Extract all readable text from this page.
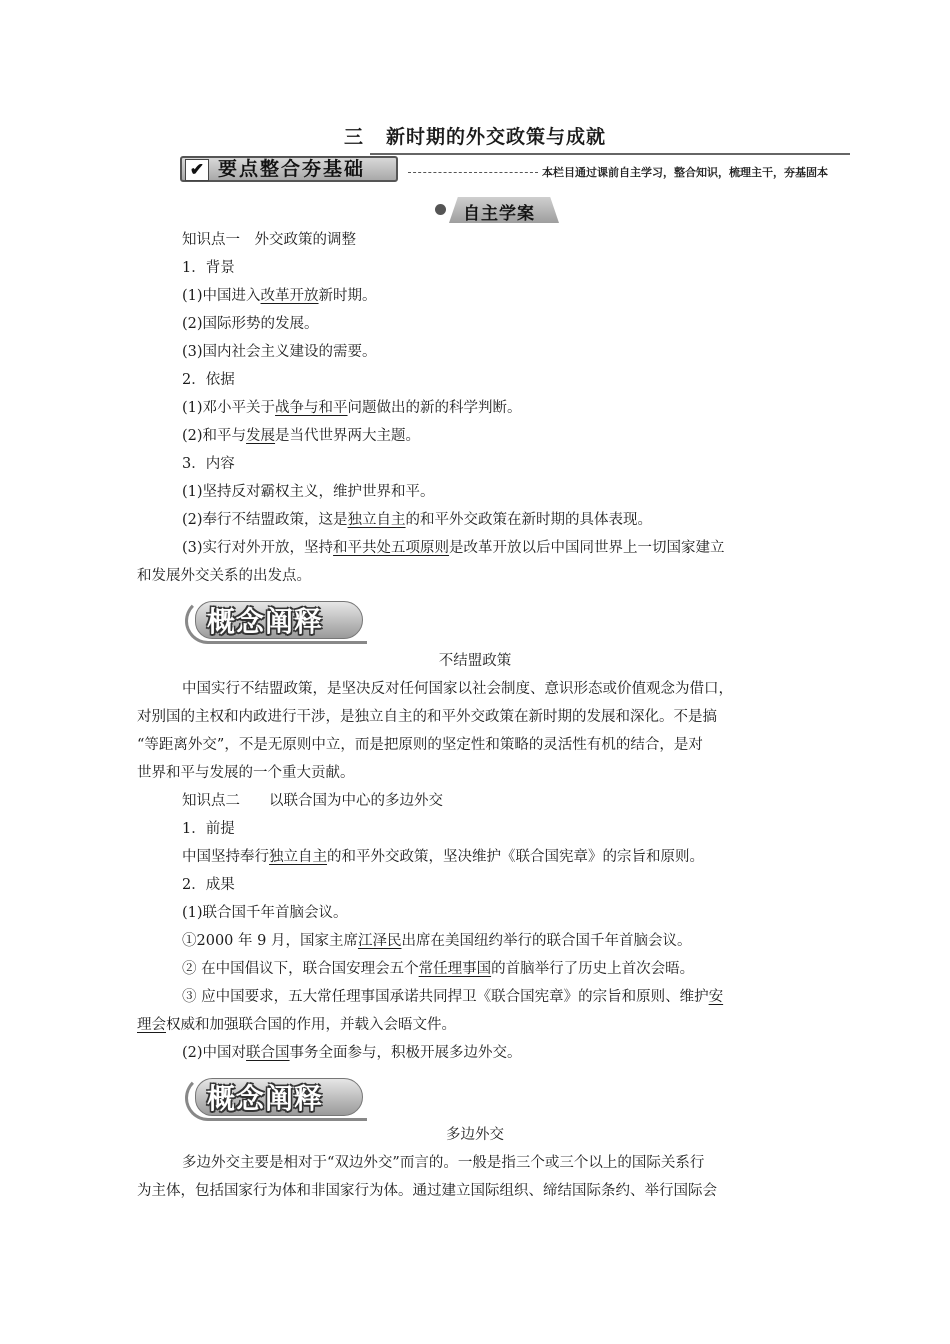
三 新时期的外交政策与成就
✔ 要点整合夯基础	本栏目通过课前自主学习，整合知识，梳理主干，夯基固本
自主学案
知识点一　外交政策的调整
1．背景
(1)中国进入改革开放新时期。
(2)国际形势的发展。
(3)国内社会主义建设的需要。
2．依据
(1)邓小平关于战争与和平问题做出的新的科学判断。
(2)和平与发展是当代世界两大主题。
3．内容
(1)坚持反对霸权主义，维护世界和平。
(2)奉行不结盟政策，这是独立自主的和平外交政策在新时期的具体表现。
(3)实行对外开放，坚持和平共处五项原则是改革开放以后中国同世界上一切国家建立
和发展外交关系的出发点。
概念阐释
不结盟政策
中国实行不结盟政策，是坚决反对任何国家以社会制度、意识形态或价值观念为借口，
对别国的主权和内政进行干涉，是独立自主的和平外交政策在新时期的发展和深化。不是搞
“等距离外交”，不是无原则中立，而是把原则的坚定性和策略的灵活性有机的结合，是对
世界和平与发展的一个重大贡献。
知识点二　　以联合国为中心的多边外交
1．前提
中国坚持奉行独立自主的和平外交政策，坚决维护《联合国宪章》的宗旨和原则。
2．成果
(1)联合国千年首脑会议。
①2000 年 9 月，国家主席江泽民出席在美国纽约举行的联合国千年首脑会议。
② 在中国倡议下，联合国安理会五个常任理事国的首脑举行了历史上首次会晤。
③ 应中国要求，五大常任理事国承诺共同捍卫《联合国宪章》的宗旨和原则、维护安
理会权威和加强联合国的作用，并载入会晤文件。
(2)中国对联合国事务全面参与，积极开展多边外交。
概念阐释
多边外交
多边外交主要是相对于“双边外交”而言的。一般是指三个或三个以上的国际关系行
为主体，包括国家行为体和非国家行为体。通过建立国际组织、缔结国际条约、举行国际会
